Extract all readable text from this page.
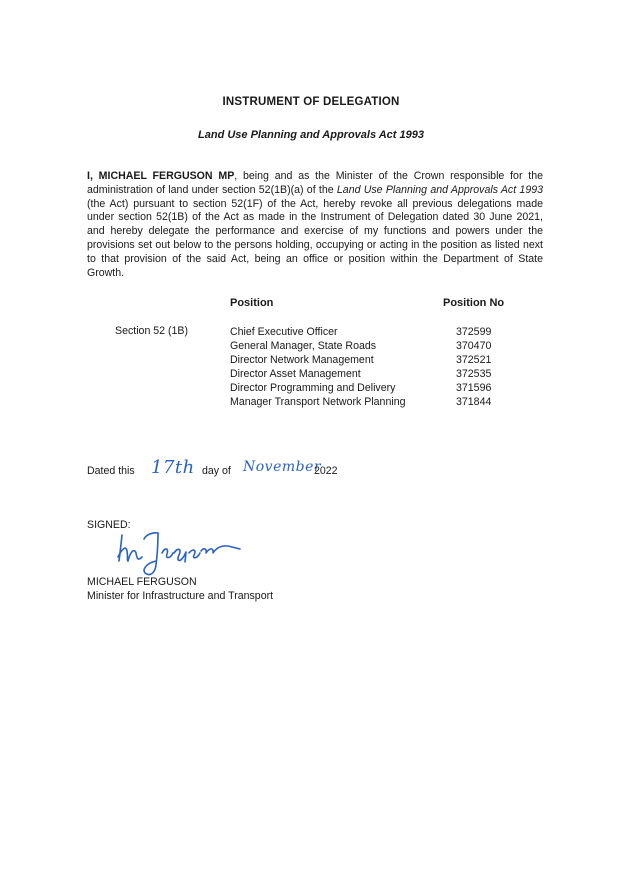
INSTRUMENT OF DELEGATION
Land Use Planning and Approvals Act 1993

I, MICHAEL FERGUSON MP, being and as the Minister of the Crown responsible for the administration of land under section 52(1B)(a) of the Land Use Planning and Approvals Act 1993 (the Act) pursuant to section 52(1F) of the Act, hereby revoke all previous delegations made under section 52(1B) of the Act as made in the Instrument of Delegation dated 30 June 2021, and hereby delegate the performance and exercise of my functions and powers under the provisions set out below to the persons holding, occupying or acting in the position as listed next to that provision of the said Act, being an office or position within the Department of State Growth.

Position	Position No
Section 52 (1B)	Chief Executive Officer	372599
General Manager, State Roads	370470
Director Network Management	372521
Director Asset Management	372535
Director Programming and Delivery	371596
Manager Transport Network Planning	371844
Dated this 17th day of November
2022
SIGNED:
MICHAEL FERGUSON
Minister for Infrastructure and Transport
